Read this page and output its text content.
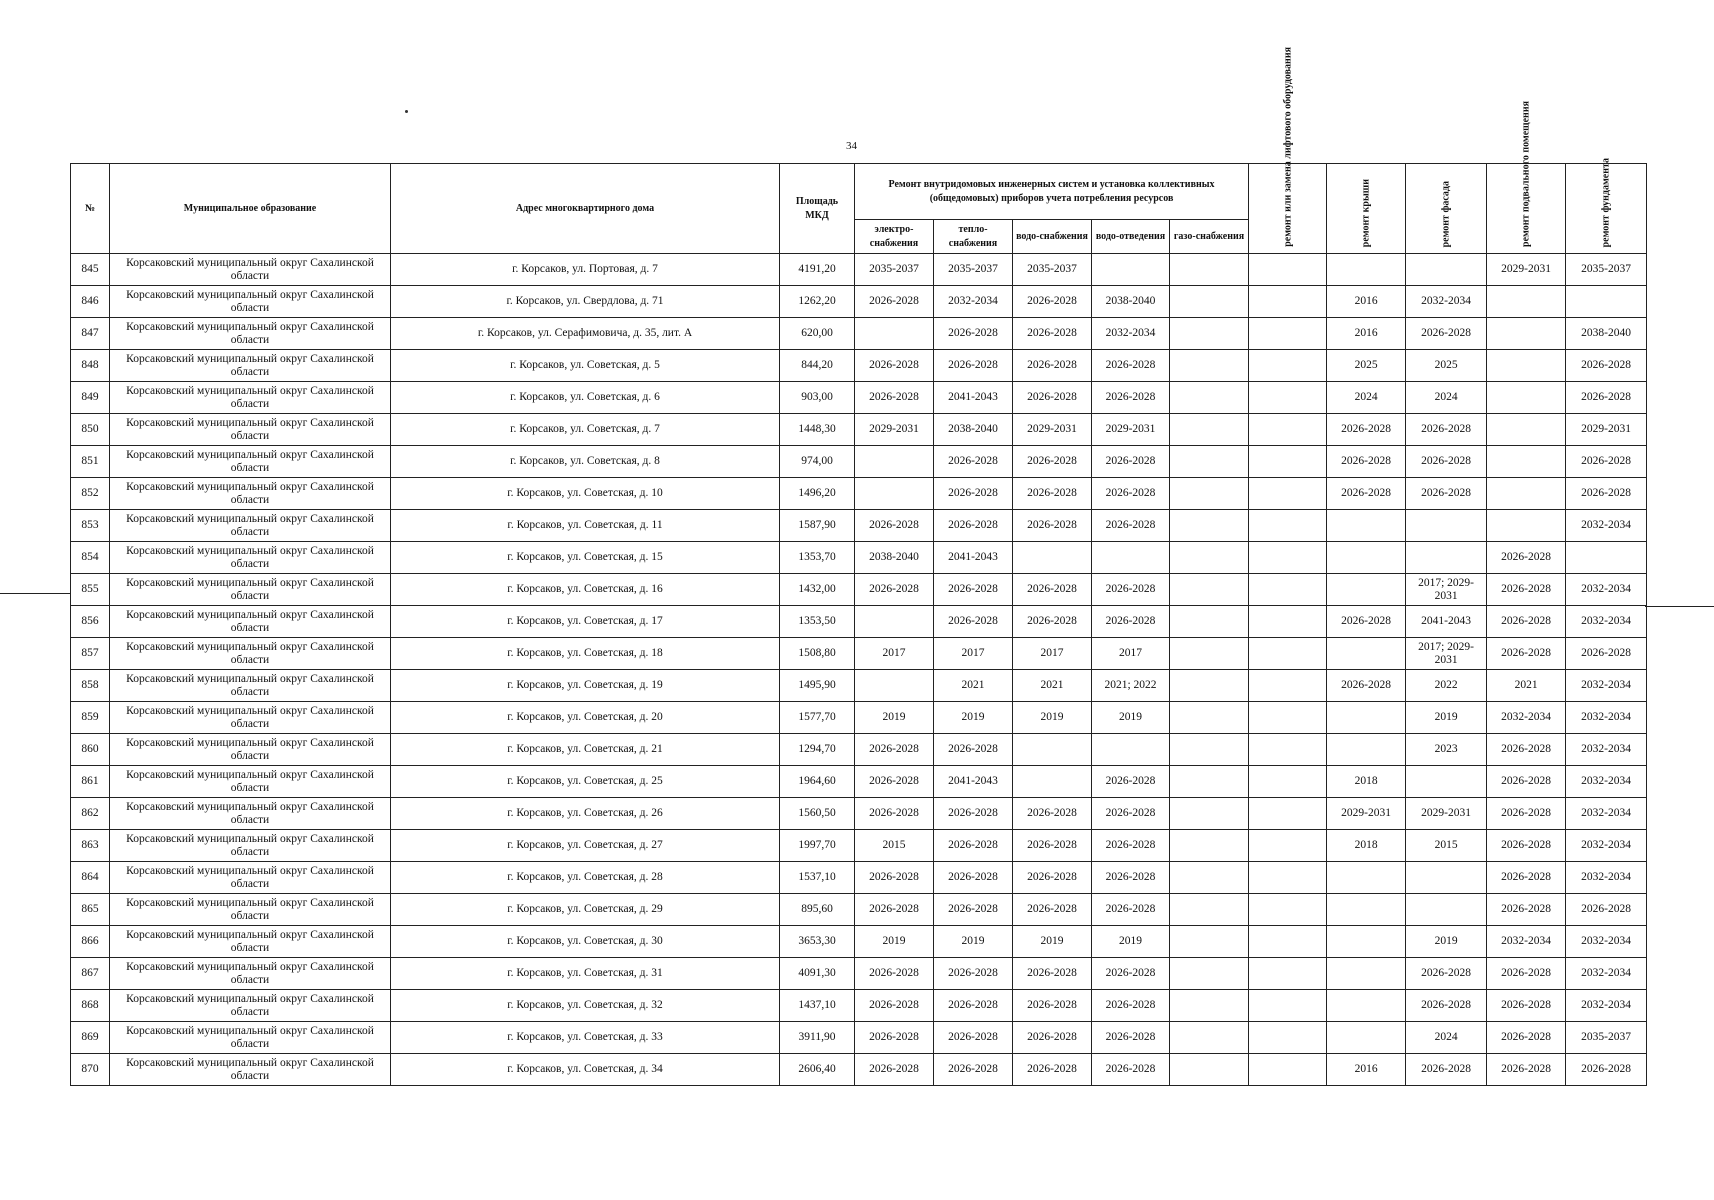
34
№	Муниципальное образование	Адрес многоквартирного дома	Площадь МКД	Ремонт внутридомовых инженерных систем и установка коллективных (общедомовых) приборов учета потребления ресурсов					ремонт или замена лифтового оборудования	ремонт крыши	ремонт фасада	ремонт подвального помещения	ремонт фундамента

				электро-снабжения	тепло-снабжения	водо-снабжения	водо-отведения	газо-снабжения					
845	Корсаковский муниципальный округ Сахалинской области	г. Корсаков, ул. Портовая, д. 7	4191,20	2035-2037	2035-2037	2035-2037						2029-2031	2035-2037
846	Корсаковский муниципальный округ Сахалинской области	г. Корсаков, ул. Свердлова, д. 71	1262,20	2026-2028	2032-2034	2026-2028	2038-2040			2016	2032-2034		
847	Корсаковский муниципальный округ Сахалинской области	г. Корсаков, ул. Серафимовича, д. 35, лит. А	620,00		2026-2028	2026-2028	2032-2034			2016	2026-2028		2038-2040
848	Корсаковский муниципальный округ Сахалинской области	г. Корсаков, ул. Советская, д. 5	844,20	2026-2028	2026-2028	2026-2028	2026-2028			2025	2025		2026-2028
849	Корсаковский муниципальный округ Сахалинской области	г. Корсаков, ул. Советская, д. 6	903,00	2026-2028	2041-2043	2026-2028	2026-2028			2024	2024		2026-2028
850	Корсаковский муниципальный округ Сахалинской области	г. Корсаков, ул. Советская, д. 7	1448,30	2029-2031	2038-2040	2029-2031	2029-2031			2026-2028	2026-2028		2029-2031
851	Корсаковский муниципальный округ Сахалинской области	г. Корсаков, ул. Советская, д. 8	974,00		2026-2028	2026-2028	2026-2028			2026-2028	2026-2028		2026-2028
852	Корсаковский муниципальный округ Сахалинской области	г. Корсаков, ул. Советская, д. 10	1496,20		2026-2028	2026-2028	2026-2028			2026-2028	2026-2028		2026-2028
853	Корсаковский муниципальный округ Сахалинской области	г. Корсаков, ул. Советская, д. 11	1587,90	2026-2028	2026-2028	2026-2028	2026-2028						2032-2034
854	Корсаковский муниципальный округ Сахалинской области	г. Корсаков, ул. Советская, д. 15	1353,70	2038-2040	2041-2043							2026-2028	
855	Корсаковский муниципальный округ Сахалинской области	г. Корсаков, ул. Советская, д. 16	1432,00	2026-2028	2026-2028	2026-2028	2026-2028				2017; 2029-2031	2026-2028	2032-2034
856	Корсаковский муниципальный округ Сахалинской области	г. Корсаков, ул. Советская, д. 17	1353,50		2026-2028	2026-2028	2026-2028			2026-2028	2041-2043	2026-2028	2032-2034
857	Корсаковский муниципальный округ Сахалинской области	г. Корсаков, ул. Советская, д. 18	1508,80	2017	2017	2017	2017				2017; 2029-2031	2026-2028	2026-2028
858	Корсаковский муниципальный округ Сахалинской области	г. Корсаков, ул. Советская, д. 19	1495,90		2021	2021	2021; 2022			2026-2028	2022	2021	2032-2034
859	Корсаковский муниципальный округ Сахалинской области	г. Корсаков, ул. Советская, д. 20	1577,70	2019	2019	2019	2019				2019	2032-2034	2032-2034
860	Корсаковский муниципальный округ Сахалинской области	г. Корсаков, ул. Советская, д. 21	1294,70	2026-2028	2026-2028						2023	2026-2028	2032-2034
861	Корсаковский муниципальный округ Сахалинской области	г. Корсаков, ул. Советская, д. 25	1964,60	2026-2028	2041-2043		2026-2028			2018		2026-2028	2032-2034
862	Корсаковский муниципальный округ Сахалинской области	г. Корсаков, ул. Советская, д. 26	1560,50	2026-2028	2026-2028	2026-2028	2026-2028			2029-2031	2029-2031	2026-2028	2032-2034
863	Корсаковский муниципальный округ Сахалинской области	г. Корсаков, ул. Советская, д. 27	1997,70	2015	2026-2028	2026-2028	2026-2028			2018	2015	2026-2028	2032-2034
864	Корсаковский муниципальный округ Сахалинской области	г. Корсаков, ул. Советская, д. 28	1537,10	2026-2028	2026-2028	2026-2028	2026-2028					2026-2028	2032-2034
865	Корсаковский муниципальный округ Сахалинской области	г. Корсаков, ул. Советская, д. 29	895,60	2026-2028	2026-2028	2026-2028	2026-2028					2026-2028	2026-2028
866	Корсаковский муниципальный округ Сахалинской области	г. Корсаков, ул. Советская, д. 30	3653,30	2019	2019	2019	2019				2019	2032-2034	2032-2034
867	Корсаковский муниципальный округ Сахалинской области	г. Корсаков, ул. Советская, д. 31	4091,30	2026-2028	2026-2028	2026-2028	2026-2028				2026-2028	2026-2028	2032-2034
868	Корсаковский муниципальный округ Сахалинской области	г. Корсаков, ул. Советская, д. 32	1437,10	2026-2028	2026-2028	2026-2028	2026-2028				2026-2028	2026-2028	2032-2034
869	Корсаковский муниципальный округ Сахалинской области	г. Корсаков, ул. Советская, д. 33	3911,90	2026-2028	2026-2028	2026-2028	2026-2028				2024	2026-2028	2035-2037
870	Корсаковский муниципальный округ Сахалинской области	г. Корсаков, ул. Советская, д. 34	2606,40	2026-2028	2026-2028	2026-2028	2026-2028			2016	2026-2028	2026-2028	2026-2028
